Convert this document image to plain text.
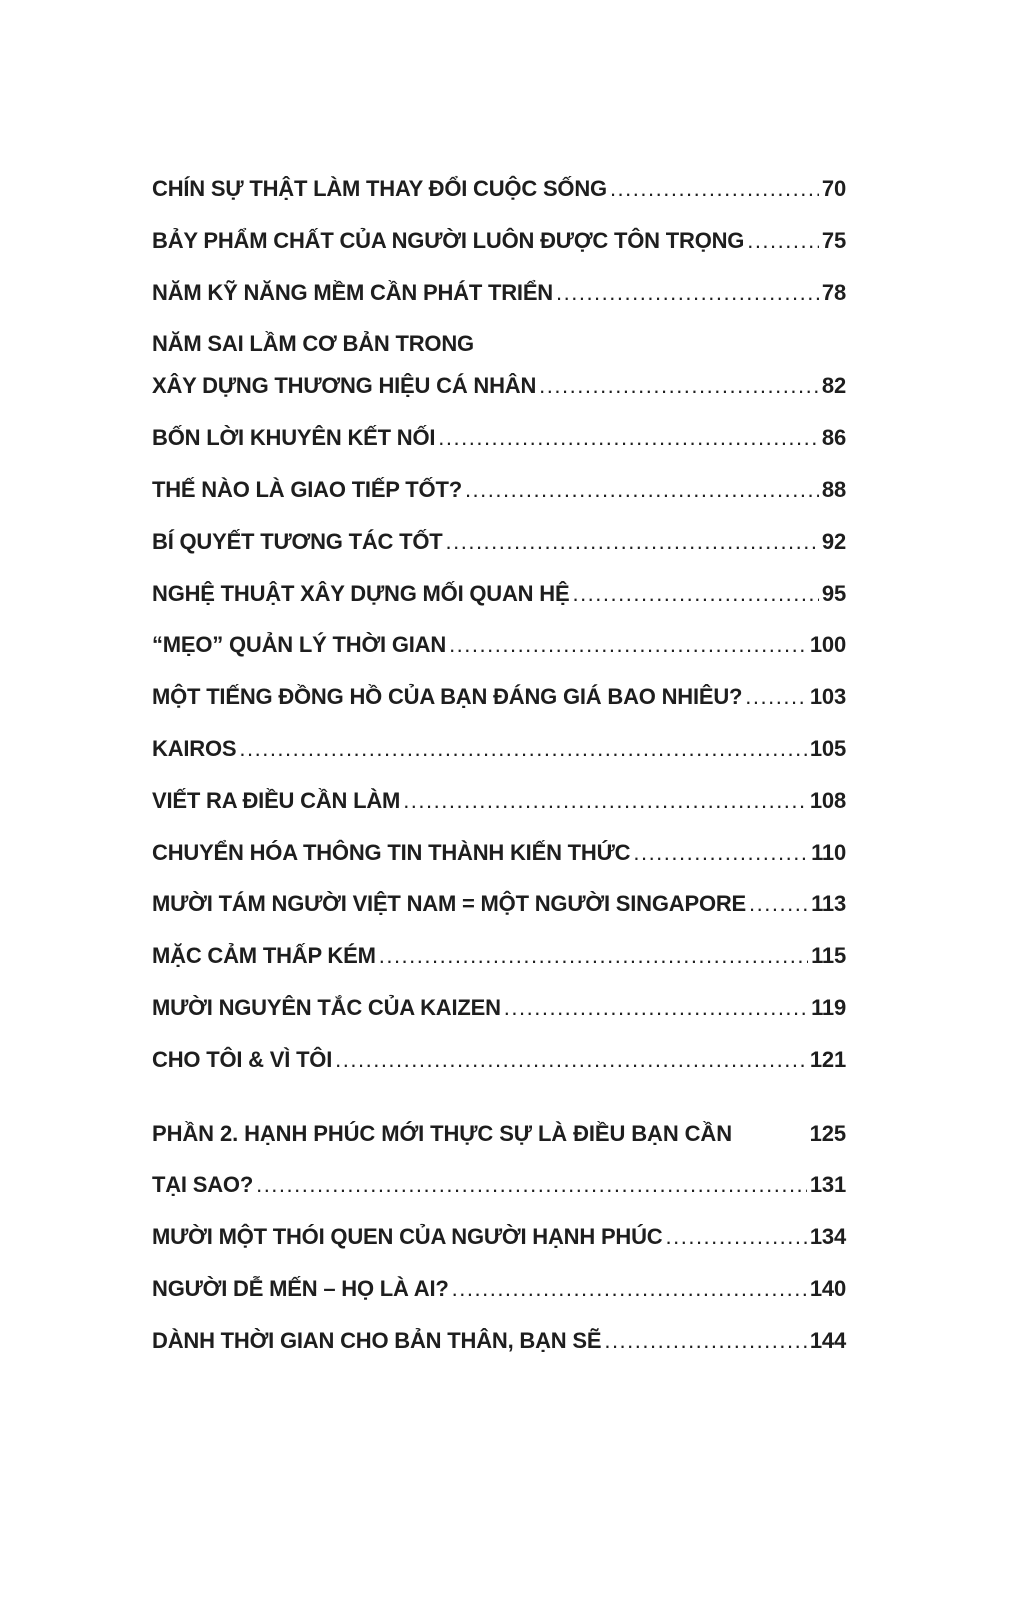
CHÍN SỰ THẬT LÀM THAY ĐỔI CUỘC SỐNG .....	70
BẢY PHẨM CHẤT CỦA NGƯỜI LUÔN ĐƯỢC TÔN TRỌNG .....	75
NĂM KỸ NĂNG MỀM CẦN PHÁT TRIỂN .....	78
NĂM SAI LẦM CƠ BẢN TRONG
XÂY DỰNG THƯƠNG HIỆU CÁ NHÂN .....	82
BỐN LỜI KHUYÊN KẾT NỐI .....	86
THẾ NÀO LÀ GIAO TIẾP TỐT? .....	88
BÍ QUYẾT TƯƠNG TÁC TỐT .....	92
NGHỆ THUẬT XÂY DỰNG MỐI QUAN HỆ .....	95
“MẸO” QUẢN LÝ THỜI GIAN .....	100
MỘT TIẾNG ĐỒNG HỒ CỦA BẠN ĐÁNG GIÁ BAO NHIÊU? .....	103
KAIROS .....	105
VIẾT RA ĐIỀU CẦN LÀM .....	108
CHUYỂN HÓA THÔNG TIN THÀNH KIẾN THỨC .....	110
MƯỜI TÁM NGƯỜI VIỆT NAM = MỘT NGƯỜI SINGAPORE .....	113
MẶC CẢM THẤP KÉM .....	115
MƯỜI NGUYÊN TẮC CỦA KAIZEN .....	119
CHO TÔI & VÌ TÔI .....	121
PHẦN 2. HẠNH PHÚC MỚI THỰC SỰ LÀ ĐIỀU BẠN CẦN	125
TẠI SAO? .....	131
MƯỜI MỘT THÓI QUEN CỦA NGƯỜI HẠNH PHÚC .....	134
NGƯỜI DỄ MẾN – HỌ LÀ AI? .....	140
DÀNH THỜI GIAN CHO BẢN THÂN, BẠN SẼ .....	144
